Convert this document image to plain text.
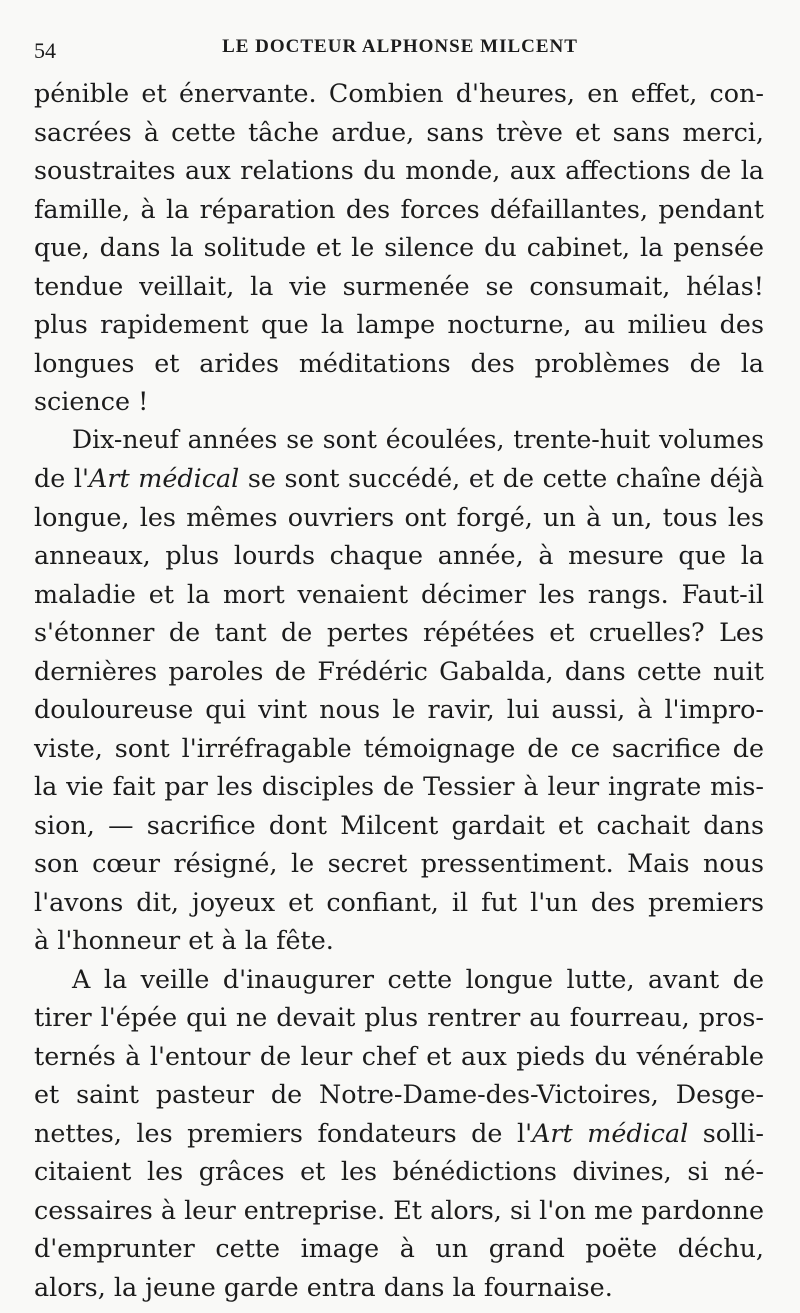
54	LE DOCTEUR ALPHONSE MILCENT
pénible et énervante. Combien d'heures, en effet, con-
sacrées à cette tâche ardue, sans trève et sans merci,
soustraites aux relations du monde, aux affections de la
famille, à la réparation des forces défaillantes, pendant
que, dans la solitude et le silence du cabinet, la pensée
tendue veillait, la vie surmenée se consumait, hélas!
plus rapidement que la lampe nocturne, au milieu des
longues et arides méditations des problèmes de la
science !
Dix-neuf années se sont écoulées, trente-huit volumes
de l'Art médical se sont succédé, et de cette chaîne déjà
longue, les mêmes ouvriers ont forgé, un à un, tous les
anneaux, plus lourds chaque année, à mesure que la
maladie et la mort venaient décimer les rangs. Faut-il
s'étonner de tant de pertes répétées et cruelles? Les
dernières paroles de Frédéric Gabalda, dans cette nuit
douloureuse qui vint nous le ravir, lui aussi, à l'impro-
viste, sont l'irréfragable témoignage de ce sacrifice de
la vie fait par les disciples de Tessier à leur ingrate mis-
sion, — sacrifice dont Milcent gardait et cachait dans
son cœur résigné, le secret pressentiment. Mais nous
l'avons dit, joyeux et confiant, il fut l'un des premiers
à l'honneur et à la fête.
A la veille d'inaugurer cette longue lutte, avant de
tirer l'épée qui ne devait plus rentrer au fourreau, pros-
ternés à l'entour de leur chef et aux pieds du vénérable
et saint pasteur de Notre-Dame-des-Victoires, Desge-
nettes, les premiers fondateurs de l'Art médical solli-
citaient les grâces et les bénédictions divines, si né-
cessaires à leur entreprise. Et alors, si l'on me pardonne
d'emprunter cette image à un grand poëte déchu,
alors, la jeune garde entra dans la fournaise.
